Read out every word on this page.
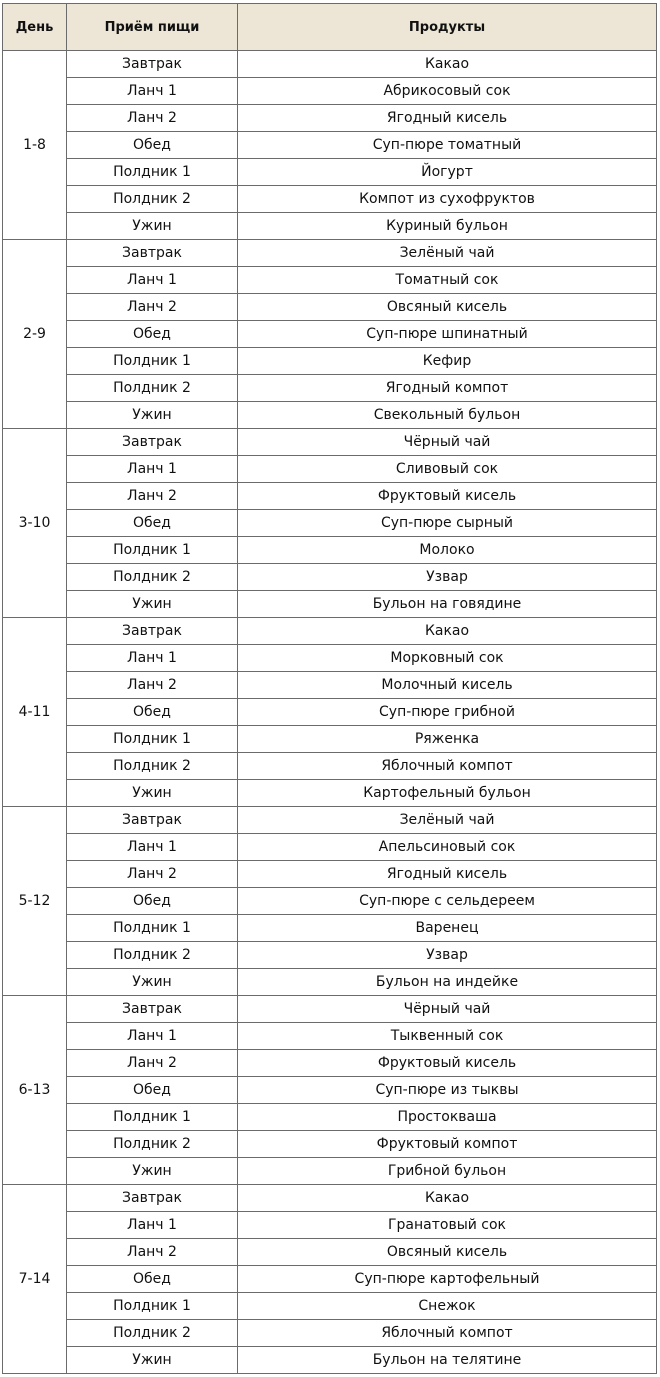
День	Приём пищи	Продукты
1-8	Завтрак	Какао
	Ланч 1	Абрикосовый сок
	Ланч 2	Ягодный кисель
	Обед	Суп-пюре томатный
	Полдник 1	Йогурт
	Полдник 2	Компот из сухофруктов
	Ужин	Куриный бульон
2-9	Завтрак	Зелёный чай
	Ланч 1	Томатный сок
	Ланч 2	Овсяный кисель
	Обед	Суп-пюре шпинатный
	Полдник 1	Кефир
	Полдник 2	Ягодный компот
	Ужин	Свекольный бульон
3-10	Завтрак	Чёрный чай
	Ланч 1	Сливовый сок
	Ланч 2	Фруктовый кисель
	Обед	Суп-пюре сырный
	Полдник 1	Молоко
	Полдник 2	Узвар
	Ужин	Бульон на говядине
4-11	Завтрак	Какао
	Ланч 1	Морковный сок
	Ланч 2	Молочный кисель
	Обед	Суп-пюре грибной
	Полдник 1	Ряженка
	Полдник 2	Яблочный компот
	Ужин	Картофельный бульон
5-12	Завтрак	Зелёный чай
	Ланч 1	Апельсиновый сок
	Ланч 2	Ягодный кисель
	Обед	Суп-пюре с сельдереем
	Полдник 1	Варенец
	Полдник 2	Узвар
	Ужин	Бульон на индейке
6-13	Завтрак	Чёрный чай
	Ланч 1	Тыквенный сок
	Ланч 2	Фруктовый кисель
	Обед	Суп-пюре из тыквы
	Полдник 1	Простокваша
	Полдник 2	Фруктовый компот
	Ужин	Грибной бульон
7-14	Завтрак	Какао
	Ланч 1	Гранатовый сок
	Ланч 2	Овсяный кисель
	Обед	Суп-пюре картофельный
	Полдник 1	Снежок
	Полдник 2	Яблочный компот
	Ужин	Бульон на телятине
